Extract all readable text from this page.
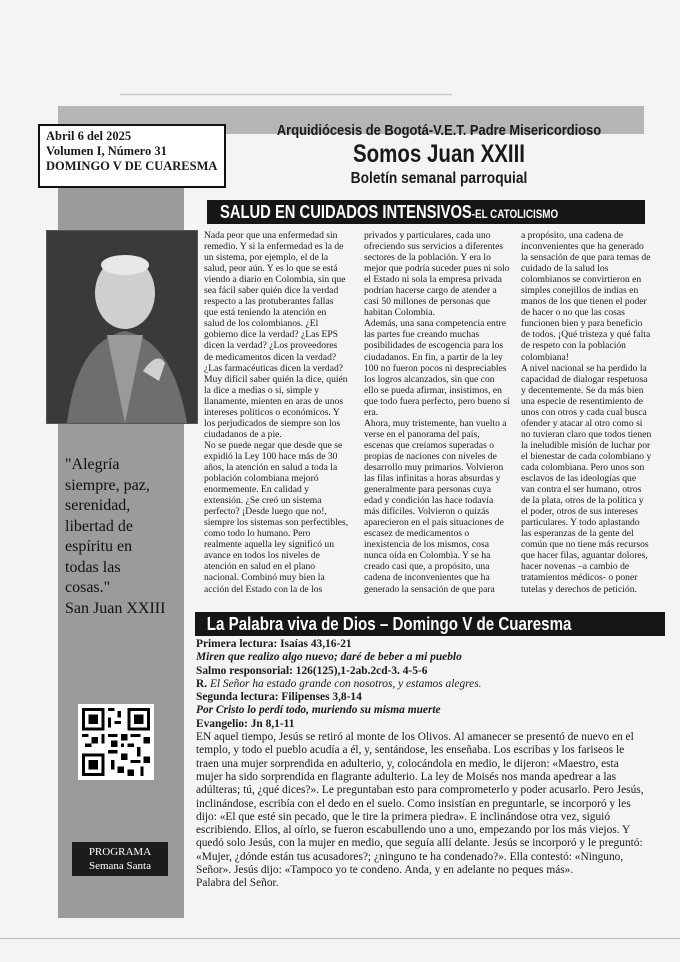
▁▁▁▁▁▁▁▁▁▁▁▁▁▁▁▁▁▁▁▁▁▁▁▁▁▁▁▁▁▁▁▁▁▁▁▁▁▁▁▁▁▁▁▁▁▁▁▁
Abril 6 del 2025
Volumen I, Número 31
DOMINGO V DE CUARESMA
Arquidiócesis de Bogotá-V.E.T. Padre Misericordioso
Somos Juan XXIII
Boletín semanal parroquial
SALUD EN CUIDADOS INTENSIVOS-EL CATOLICISMO
"Alegría
siempre, paz,
serenidad,
libertad de
espíritu en
todas las
cosas."
San Juan XXIII

Nada peor que una enfermedad sin

remedio. Y si la enfermedad es la de

un sistema, por ejemplo, el de la

salud, peor aún. Y es lo que se está

viendo a diario en Colombia, sin que

sea fácil saber quién dice la verdad

respecto a las protuberantes fallas

que está teniendo la atención en

salud de los colombianos. ¿El

gobierno dice la verdad? ¿Las EPS

dicen la verdad? ¿Los proveedores

de medicamentos dicen la verdad?

¿Las farmacéuticas dicen la verdad?

Muy difícil saber quién la dice, quién

la dice a medias o si, simple y

llanamente, mienten en aras de unos

intereses políticos o económicos. Y

los perjudicados de siempre son los

ciudadanos de a pie.

No se puede negar que desde que se

expidió la Ley 100 hace más de 30

años, la atención en salud a toda la

población colombiana mejoró

enormemente. En calidad y

extensión. ¿Se creó un sistema

perfecto? ¡Desde luego que no!,

siempre los sistemas son perfectibles,

como todo lo humano. Pero

realmente aquella ley significó un

avance en todos los niveles de

atención en salud en el plano

nacional. Combinó muy bien la

acción del Estado con la de los

privados y particulares, cada uno

ofreciendo sus servicios a diferentes

sectores de la población. Y era lo

mejor que podría suceder pues ni solo

el Estado ni sola la empresa privada

podrían hacerse cargo de atender a

casi 50 millones de personas que

habitan Colombia.

Además, una sana competencia entre

las partes fue creando muchas

posibilidades de escogencia para los

ciudadanos. En fin, a partir de la ley

100 no fueron pocos ni despreciables

los logros alcanzados, sin que con

ello se pueda afirmar, insistimos, en

que todo fuera perfecto, pero bueno sí

era.

Ahora, muy tristemente, han vuelto a

verse en el panorama del país,

escenas que creíamos superadas o

propias de naciones con niveles de

desarrollo muy primarios. Volvieron

las filas infinitas a horas absurdas y

generalmente para personas cuya

edad y condición las hace todavía

más difíciles. Volvieron o quizás

aparecieron en el país situaciones de

escasez de medicamentos o

inexistencia de los mismos, cosa

nunca oída en Colombia. Y se ha

creado casi que, a propósito, una

cadena de inconvenientes que ha

generado la sensación de que para

a propósito, una cadena de

inconvenientes que ha generado

la sensación de que para temas de

cuidado de la salud los

colombianos se convirtieron en

simples conejillos de indias en

manos de los que tienen el poder

de hacer o no que las cosas

funcionen bien y para beneficio

de todos. ¡Qué tristeza y qué falta

de respeto con la población

colombiana!

A nivel nacional se ha perdido la

capacidad de dialogar respetuosa

y decentemente. Se da más bien

una especie de resentimiento de

unos con otros y cada cual busca

ofender y atacar al otro como si

no tuvieran claro que todos tienen

la ineludible misión de luchar por

el bienestar de cada colombiano y

cada colombiana. Pero unos son

esclavos de las ideologías que

van contra el ser humano, otros

de la plata, otros de la política y

el poder, otros de sus intereses

particulares. Y todo aplastando

las esperanzas de la gente del

común que no tiene más recursos

que hacer filas, aguantar dolores,

hacer novenas –a cambio de

tratamientos médicos- o poner

tutelas y derechos de petición.

La Palabra viva de Dios – Domingo V de Cuaresma

Primera lectura: Isaías 43,16-21

Miren que realizo algo nuevo; daré de beber a mi pueblo

Salmo responsorial: 126(125),1-2ab.2cd-3. 4-5-6

R. El Señor ha estado grande con nosotros, y estamos alegres.

Segunda lectura: Filipenses 3,8-14

Por Cristo lo perdí todo, muriendo su misma muerte

Evangelio: Jn 8,1-11

EN aquel tiempo, Jesús se retiró al monte de los Olivos. Al amanecer se presentó de nuevo en el

templo, y todo el pueblo acudía a él, y, sentándose, les enseñaba. Los escribas y los fariseos le

traen una mujer sorprendida en adulterio, y, colocándola en medio, le dijeron: «Maestro, esta

mujer ha sido sorprendida en flagrante adulterio. La ley de Moisés nos manda apedrear a las

adúlteras; tú, ¿qué dices?». Le preguntaban esto para comprometerlo y poder acusarlo. Pero Jesús,

inclinándose, escribía con el dedo en el suelo. Como insistían en preguntarle, se incorporó y les

dijo: «El que esté sin pecado, que le tire la primera piedra». E inclinándose otra vez, siguió

escribiendo. Ellos, al oírlo, se fueron escabullendo uno a uno, empezando por los más viejos. Y

quedó solo Jesús, con la mujer en medio, que seguía allí delante. Jesús se incorporó y le preguntó:

«Mujer, ¿dónde están tus acusadores?; ¿ninguno te ha condenado?». Ella contestó: «Ninguno,

Señor». Jesús dijo: «Tampoco yo te condeno. Anda, y en adelante no peques más».

Palabra del Señor.

PROGRAMA
Semana Santa
